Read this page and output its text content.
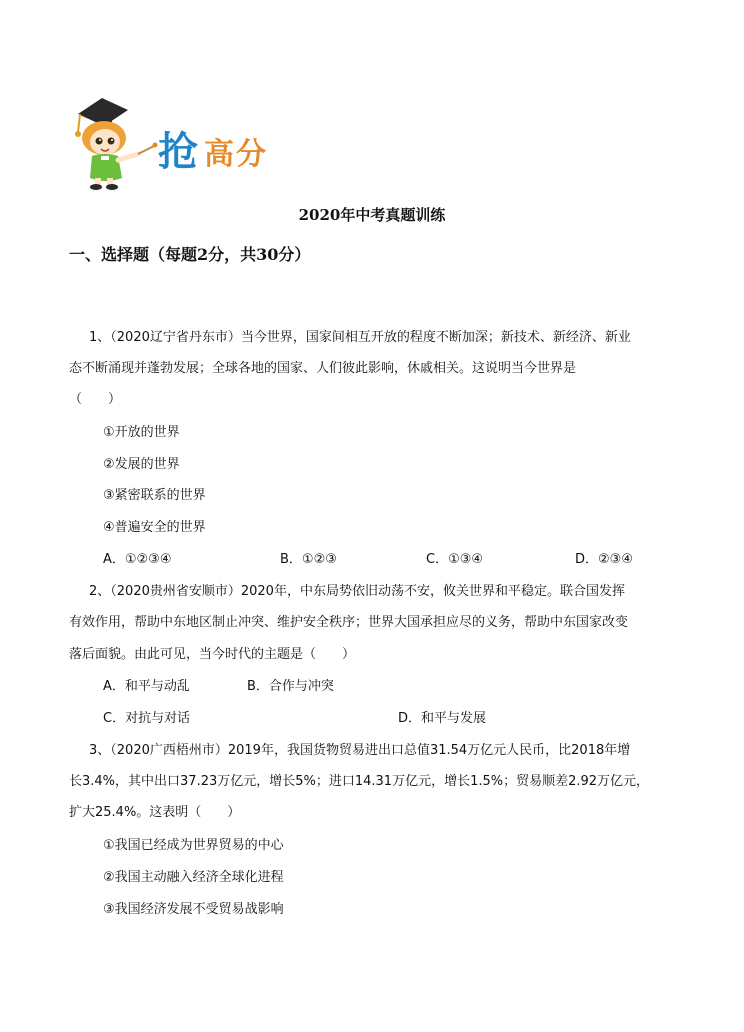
抢 高分
2020年中考真题训练
一、选择题（每题2分，共30分）
1、（2020辽宁省丹东市）当今世界，国家间相互开放的程度不断加深；新技术、新经济、新业
态不断涌现并蓬勃发展；全球各地的国家、人们彼此影响，休戚相关。这说明当今世界是
（　　）
①开放的世界
②发展的世界
③紧密联系的世界
④普遍安全的世界
A．①②③④	B．①②③	C．①③④	D．②③④
2、（2020贵州省安顺市）2020年，中东局势依旧动荡不安，攸关世界和平稳定。联合国发挥
有效作用，帮助中东地区制止冲突、维护安全秩序；世界大国承担应尽的义务，帮助中东国家改变
落后面貌。由此可见，当今时代的主题是（　　）
A．和平与动乱	B．合作与冲突
C．对抗与对话	D．和平与发展
3、（2020广西梧州市）2019年，我国货物贸易进出口总值31.54万亿元人民币，比2018年增
长3.4%，其中出口37.23万亿元，增长5%；进口14.31万亿元，增长1.5%；贸易顺差2.92万亿元，
扩大25.4%。这表明（　　）
①我国已经成为世界贸易的中心
②我国主动融入经济全球化进程
③我国经济发展不受贸易战影响
